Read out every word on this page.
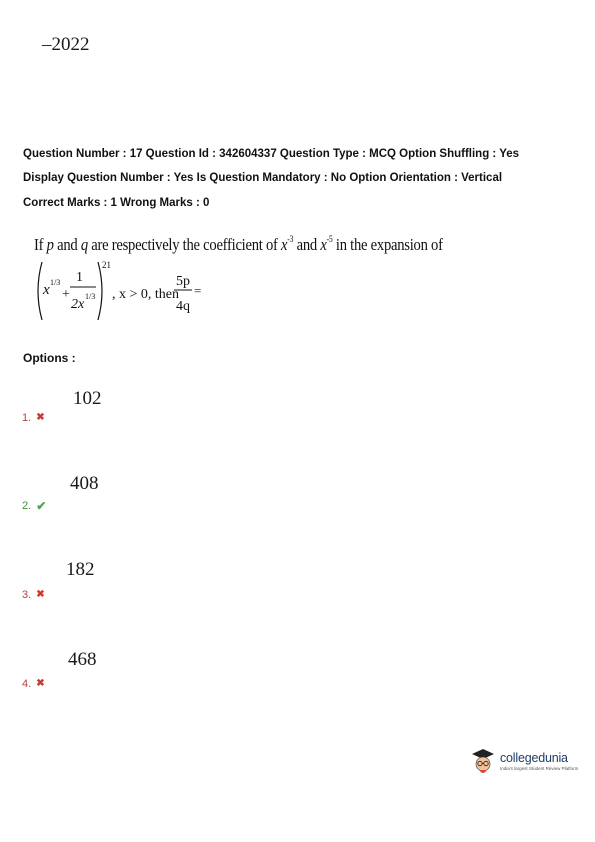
–2022
Question Number : 17 Question Id : 342604337 Question Type : MCQ Option Shuffling : Yes
Display Question Number : Yes Is Question Mandatory : No Option Orientation : Vertical
Correct Marks : 1 Wrong Marks : 0
If p and q are respectively the coefficient of $x^{-3}$ and $x^{-5}$ in the expansion of
x 1/3
+
1
2x
1/3
21
, x > 0, then
5p
4q
=
Options :
102
1. ✖
408
2. ✔
182
3. ✖
468
4. ✖
collegedunia
India's largest Student Review Platform
